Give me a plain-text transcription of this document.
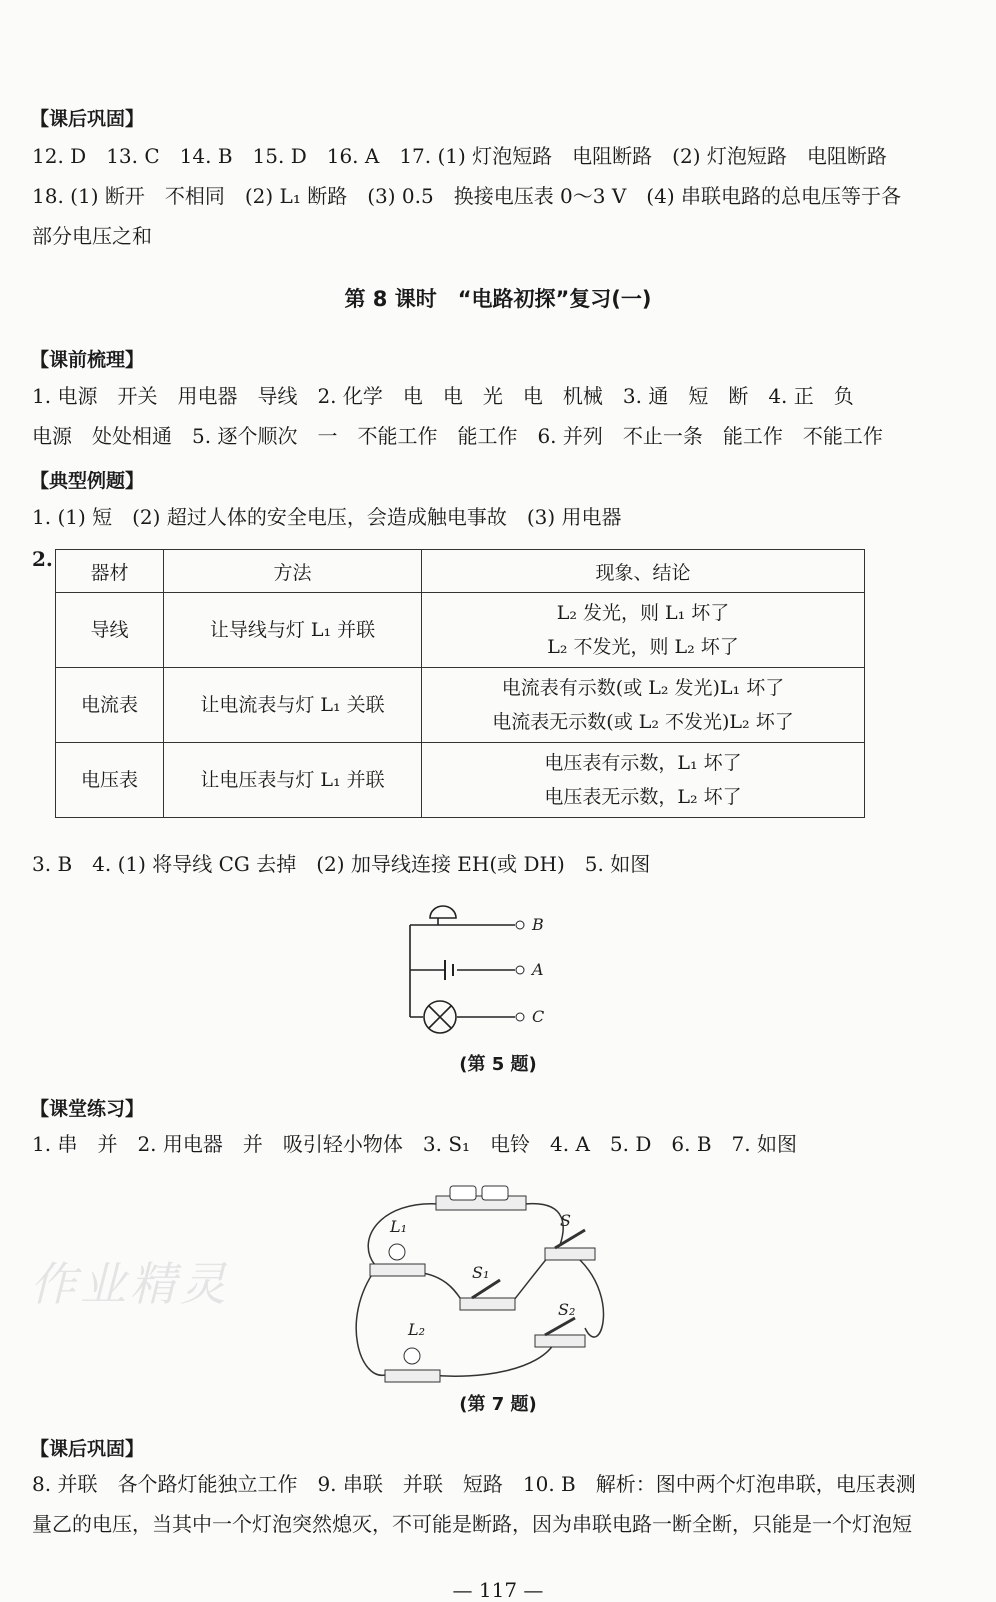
作业精灵
【课后巩固】
12. D　13. C　14. B　15. D　16. A　17. (1) 灯泡短路　电阻断路　(2) 灯泡短路　电阻断路
18. (1) 断开　不相同　(2) L₁ 断路　(3) 0.5　换接电压表 0～3 V　(4) 串联电路的总电压等于各
部分电压之和
第 8 课时　“电路初探”复习(一)
【课前梳理】
1. 电源　开关　用电器　导线　2. 化学　电　电　光　电　机械　3. 通　短　断　4. 正　负
电源　处处相通　5. 逐个顺次　一　不能工作　能工作　6. 并列　不止一条　能工作　不能工作
【典型例题】
1. (1) 短　(2) 超过人体的安全电压，会造成触电事故　(3) 用电器
2.
器材	方法	现象、结论
导线	让导线与灯 L₁ 并联	L₂ 发光，则 L₁ 坏了
L₂ 不发光，则 L₂ 坏了

电流表	让电流表与灯 L₁ 关联	电流表有示数(或 L₂ 发光)L₁ 坏了
电流表无示数(或 L₂ 不发光)L₂ 坏了

电压表	让电压表与灯 L₁ 并联	电压表有示数，L₁ 坏了
电压表无示数，L₂ 坏了
3. B　4. (1) 将导线 CG 去掉　(2) 加导线连接 EH(或 DH)　5. 如图
B
A
C
(第 5 题)
【课堂练习】
1. 串　并　2. 用电器　并　吸引轻小物体　3. S₁　电铃　4. A　5. D　6. B　7. 如图
L₁	S
S₁
L₂
S₂
(第 7 题)
【课后巩固】
8. 并联　各个路灯能独立工作　9. 串联　并联　短路　10. B　解析：图中两个灯泡串联，电压表测
量乙的电压，当其中一个灯泡突然熄灭，不可能是断路，因为串联电路一断全断，只能是一个灯泡短
— 117 —
